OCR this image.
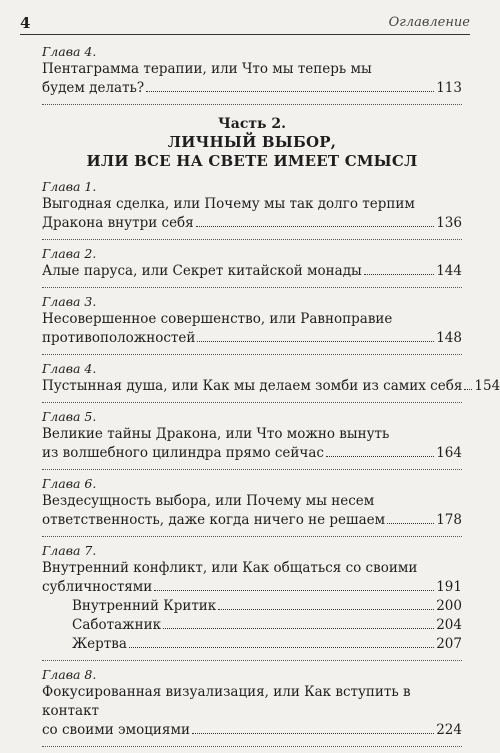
4	Оглавление
Глава 4.
Пентаграмма терапии, или Что мы теперь мы
будем делать?	113
Часть 2.
ЛИЧНЫЙ ВЫБОР,
ИЛИ ВСЕ НА СВЕТЕ ИМЕЕТ СМЫСЛ
Глава 1.
Выгодная сделка, или Почему мы так долго терпим
Дракона внутри себя	136
Глава 2.
Алые паруса, или Секрет китайской монады	144
Глава 3.
Несовершенное совершенство, или Равноправие
противоположностей	148
Глава 4.
Пустынная душа, или Как мы делаем зомби из самих себя 154
Глава 5.
Великие тайны Дракона, или Что можно вынуть
из волшебного цилиндра прямо сейчас	164
Глава 6.
Вездесущность выбора, или Почему мы несем
ответственность, даже когда ничего не решаем	178
Глава 7.
Внутренний конфликт, или Как общаться со своими
субличностями	191
Внутренний Критик	200
Саботажник	204
Жертва	207
Глава 8.
Фокусированная визуализация, или Как вступить в контакт
со своими эмоциями	224
